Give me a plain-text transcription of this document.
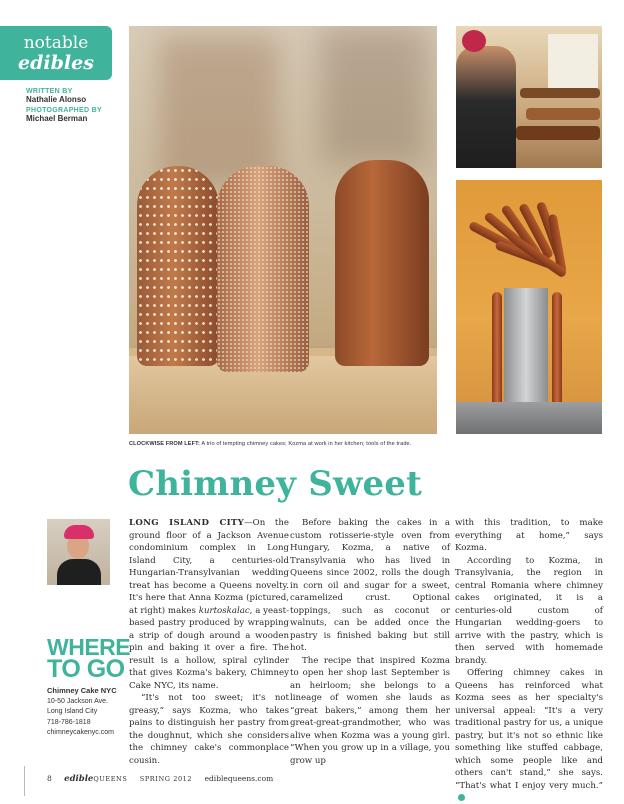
notable
edibles
WRITTEN BY
Nathalie Alonso
PHOTOGRAPHED BY
Michael Berman
CLOCKWISE FROM LEFT: A trio of tempting chimney cakes; Kozma at work in her kitchen; tools of the trade.
Chimney Sweet
WHERE
TO GO
Chimney Cake NYC
10-50 Jackson Ave.
Long Island City
718-786-1818
chimneycakenyc.com

LONG ISLAND CITY—On the ground floor of a Jackson Avenue condominium complex in Long Island City, a centuries-old Hungarian-Transylvanian wedding treat has become a Queens novelty. It's here that Anna Kozma (pictured, at right) makes kurtoskalac, a yeast-based pastry produced by wrapping a strip of dough around a wooden pin and baking it over a fire. The result is a hollow, spiral cylinder that gives Kozma's bakery, Chimney Cake NYC, its name.

“It's not too sweet; it's not greasy,” says Kozma, who takes pains to distinguish her pastry from the doughnut, which she considers the chimney cake's commonplace cousin.

Before baking the cakes in a custom rotisserie-style oven from Hungary, Kozma, a native of Transylvania who has lived in Queens since 2002, rolls the dough in corn oil and sugar for a sweet, caramelized crust. Optional toppings, such as coconut or walnuts, can be added once the pastry is finished baking but still hot.

The recipe that inspired Kozma to open her shop last September is an heirloom; she belongs to a lineage of women she lauds as “great bakers,” among them her great-great-grandmother, who was alive when Kozma was a young girl. “When you grow up in a village, you grow up

with this tradition, to make everything at home,” says Kozma.

According to Kozma, in Transylvania, the region in central Romania where chimney cakes originated, it is a centuries-old custom of Hungarian wedding-goers to arrive with the pastry, which is then served with homemade brandy.

Offering chimney cakes in Queens has reinforced what Kozma sees as her specialty's universal appeal: “It's a very traditional pastry for us, a unique pastry, but it's not so ethnic like something like stuffed cabbage, which some people like and others can't stand,” she says. “That's what I enjoy very much.”

8 edibleQUEENS SPRING 2012 ediblequeens.com
